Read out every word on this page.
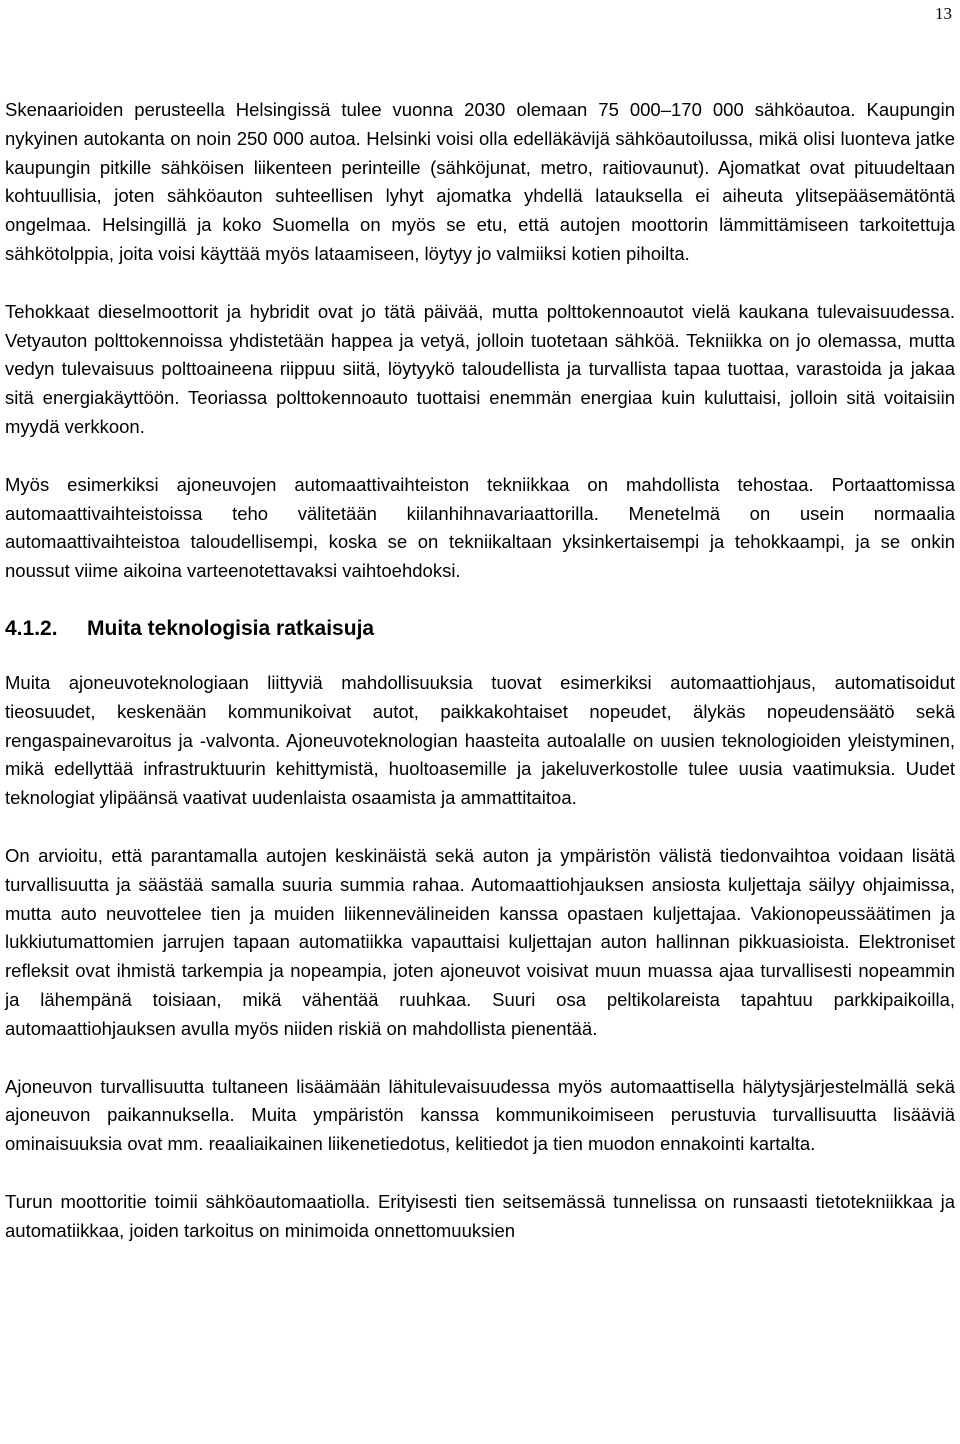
13

Skenaarioiden perusteella Helsingissä tulee vuonna 2030 olemaan 75 000–170 000 sähköautoa. Kaupungin nykyinen autokanta on noin 250 000 autoa. Helsinki voisi olla edelläkävijä sähköautoilussa, mikä olisi luonteva jatke kaupungin pitkille sähköisen liikenteen perinteille (sähköjunat, metro, raitiovaunut). Ajomatkat ovat pituudeltaan kohtuullisia, joten sähköauton suhteellisen lyhyt ajomatka yhdellä latauksella ei aiheuta ylitsepääsemätöntä ongelmaa. Helsingillä ja koko Suomella on myös se etu, että autojen moottorin lämmittämiseen tarkoitettuja sähkötolppia, joita voisi käyttää myös lataamiseen, löytyy jo valmiiksi kotien pihoilta.

Tehokkaat dieselmoottorit ja hybridit ovat jo tätä päivää, mutta polttokennoautot vielä kaukana tulevaisuudessa. Vetyauton polttokennoissa yhdistetään happea ja vetyä, jolloin tuotetaan sähköä. Tekniikka on jo olemassa, mutta vedyn tulevaisuus polttoaineena riippuu siitä, löytyykö taloudellista ja turvallista tapaa tuottaa, varastoida ja jakaa sitä energiakäyttöön. Teoriassa polttokennoauto tuottaisi enemmän energiaa kuin kuluttaisi, jolloin sitä voitaisiin myydä verkkoon.

Myös esimerkiksi ajoneuvojen automaattivaihteiston tekniikkaa on mahdollista tehostaa. Portaattomissa automaattivaihteistoissa teho välitetään kiilanhihnavariaattorilla. Menetelmä on usein normaalia automaattivaihteistoa taloudellisempi, koska se on tekniikaltaan yksinkertaisempi ja tehokkaampi, ja se onkin noussut viime aikoina varteenotettavaksi vaihtoehdoksi.

4.1.2. Muita teknologisia ratkaisuja

Muita ajoneuvoteknologiaan liittyviä mahdollisuuksia tuovat esimerkiksi automaattiohjaus, automatisoidut tieosuudet, keskenään kommunikoivat autot, paikkakohtaiset nopeudet, älykäs nopeudensäätö sekä rengaspainevaroitus ja -valvonta. Ajoneuvoteknologian haasteita autoalalle on uusien teknologioiden yleistyminen, mikä edellyttää infrastruktuurin kehittymistä, huoltoasemille ja jakeluverkostolle tulee uusia vaatimuksia. Uudet teknologiat ylipäänsä vaativat uudenlaista osaamista ja ammattitaitoa.

On arvioitu, että parantamalla autojen keskinäistä sekä auton ja ympäristön välistä tiedonvaihtoa voidaan lisätä turvallisuutta ja säästää samalla suuria summia rahaa. Automaattiohjauksen ansiosta kuljettaja säilyy ohjaimissa, mutta auto neuvottelee tien ja muiden liikennevälineiden kanssa opastaen kuljettajaa. Vakionopeussäätimen ja lukkiutumattomien jarrujen tapaan automatiikka vapauttaisi kuljettajan auton hallinnan pikkuasioista. Elektroniset refleksit ovat ihmistä tarkempia ja nopeampia, joten ajoneuvot voisivat muun muassa ajaa turvallisesti nopeammin ja lähempänä toisiaan, mikä vähentää ruuhkaa. Suuri osa peltikolareista tapahtuu parkkipaikoilla, automaattiohjauksen avulla myös niiden riskiä on mahdollista pienentää.

Ajoneuvon turvallisuutta tultaneen lisäämään lähitulevaisuudessa myös automaattisella hälytysjärjestelmällä sekä ajoneuvon paikannuksella. Muita ympäristön kanssa kommunikoimiseen perustuvia turvallisuutta lisääviä ominaisuuksia ovat mm. reaaliaikainen liikenetiedotus, kelitiedot ja tien muodon ennakointi kartalta.

Turun moottoritie toimii sähköautomaatiolla. Erityisesti tien seitsemässä tunnelissa on runsaasti tietotekniikkaa ja automatiikkaa, joiden tarkoitus on minimoida onnettomuuksien
